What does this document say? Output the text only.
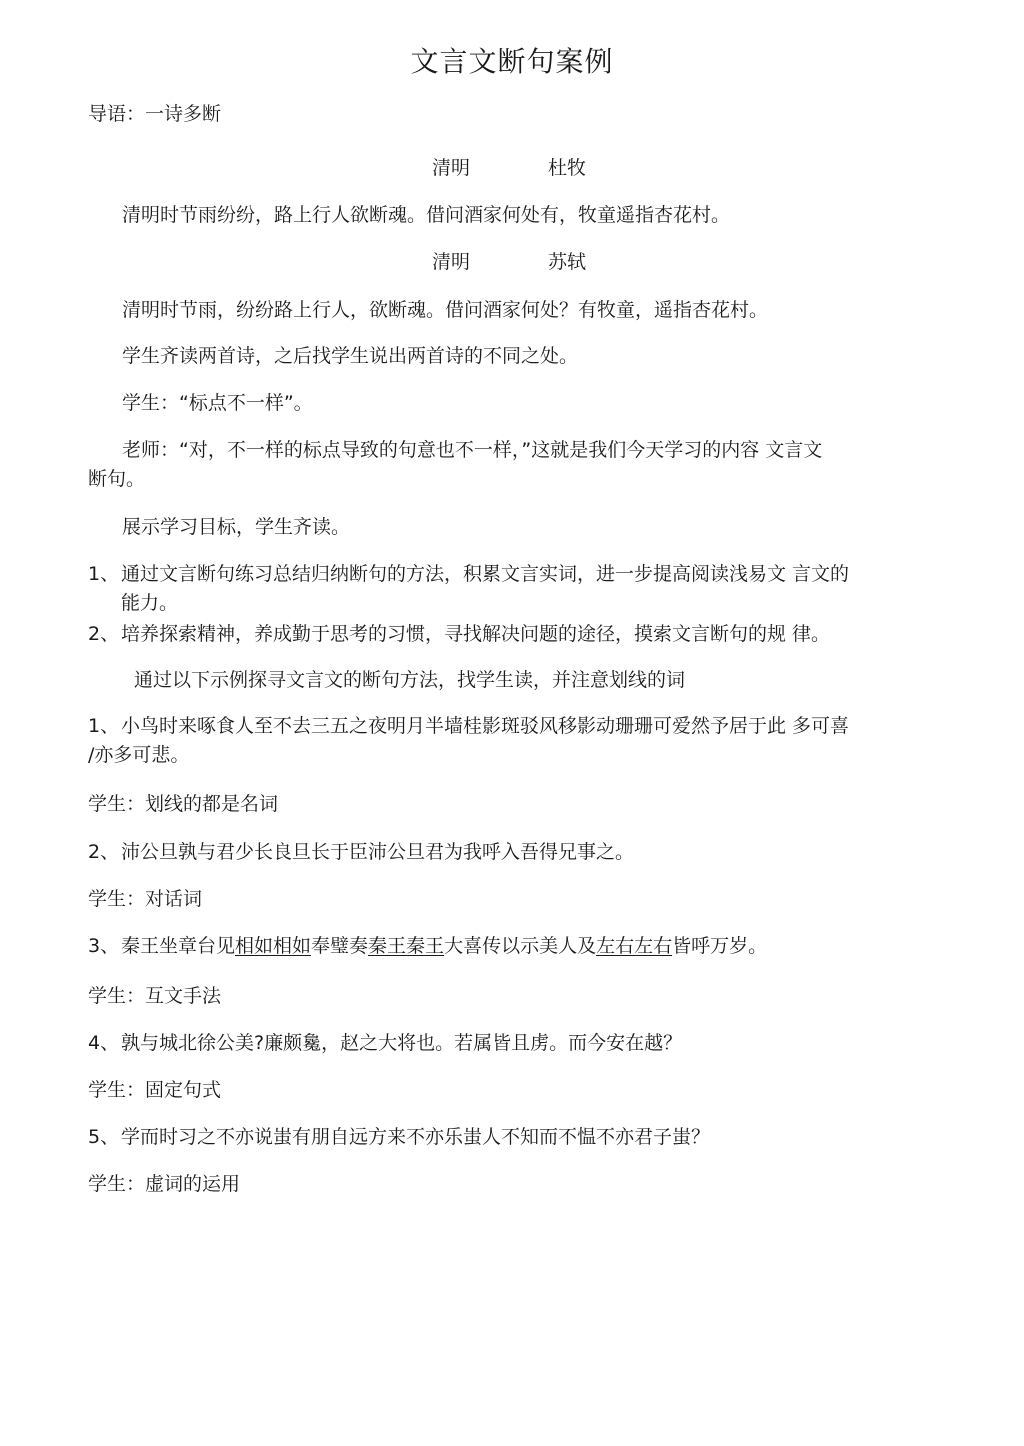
文言文断句案例
导语：一诗多断
清明	杜牧
清明时节雨纷纷，路上行人欲断魂。借问酒家何处有，牧童遥指杏花村。
清明	苏轼
清明时节雨，纷纷路上行人，欲断魂。借问酒家何处？有牧童，遥指杏花村。
学生齐读两首诗，之后找学生说出两首诗的不同之处。
学生：“标点不一样”。
老师：“对，不一样的标点导致的句意也不一样，”这就是我们今天学习的内容 文言文
断句。
展示学习目标，学生齐读。
1、 通过文言断句练习总结归纳断句的方法，积累文言实词，进一步提高阅读浅易文 言文的
能力。
2、 培养探索精神，养成勤于思考的习惯，寻找解决问题的途径，摸索文言断句的规 律。
通过以下示例探寻文言文的断句方法，找学生读，并注意划线的词
1、 小鸟时来啄食人至不去三五之夜明月半墙桂影斑驳风移影动珊珊可爱然予居于此 多可喜
/亦多可悲。
学生：划线的都是名词
2、 沛公旦孰与君少长良旦长于臣沛公旦君为我呼入吾得兄事之。
学生：对话词
3、 秦王坐章台见相如相如奉璧奏秦王秦王大喜传以示美人及左右左右皆呼万岁。
学生：互文手法
4、 孰与城北徐公美?廉颇毚，赵之大将也。若属皆且虏。而今安在越？
学生：固定句式
5、 学而时习之不亦说蚩有朋自远方来不亦乐蚩人不知而不愠不亦君子蚩？
学生：虚词的运用
